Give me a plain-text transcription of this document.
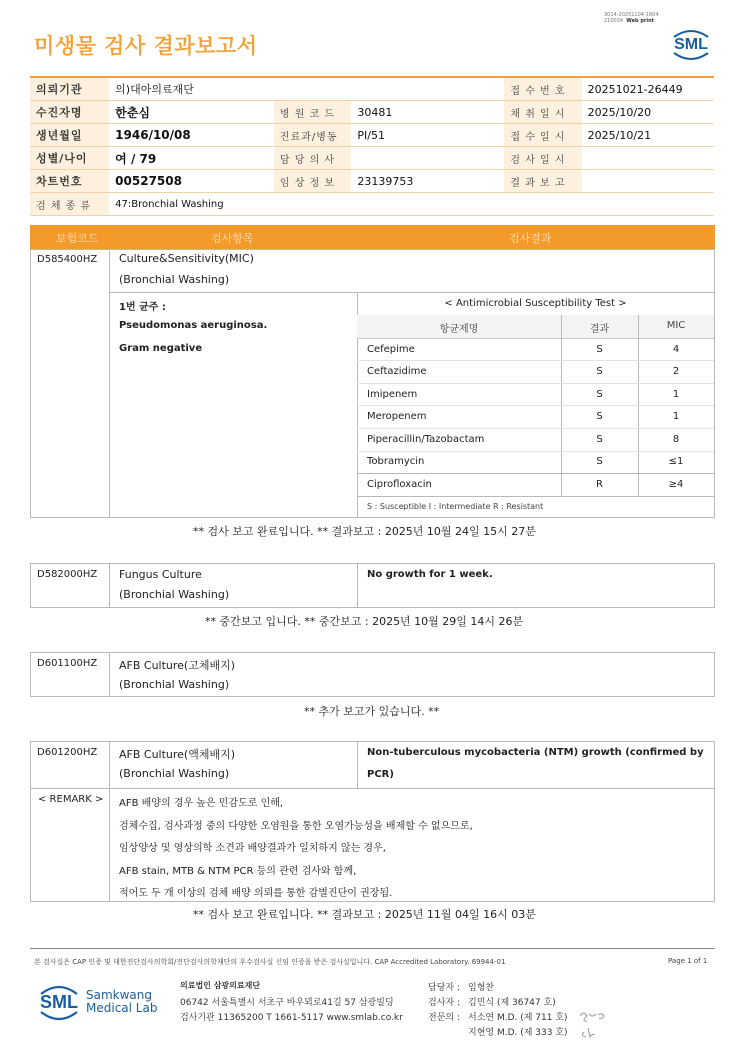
미생물 검사 결과보고서
3014-20251104-1604
210034 Web print
SML
의뢰기관	의)대아의료재단				접 수 번 호	20251021-26449
수진자명	한춘심	병 원 코 드	30481		채 취 일 시	2025/10/20
생년월일	1946/10/08	진료과/병동	PI/51		접 수 일 시	2025/10/21
성별/나이	여 / 79	담 당 의 사			검 사 일 시	
차트번호	00527508	임 상 정 보	23139753		결 과 보 고	
검 체 종 류	47:Bronchial Washing					
보험코드	검사항목	검사결과
D585400HZ Culture&Sensitivity(MIC)
(Bronchial Washing)
1번 균주 :
Pseudomonas aeruginosa.
Gram negative
< Antimicrobial Susceptibility Test >
항균제명	결과	MIC
Cefepime	S	4
Ceftazidime	S	2
Imipenem	S	1
Meropenem	S	1
Piperacillin/Tazobactam	S	8
Tobramycin	S	≤1
Ciprofloxacin	R	≥4
S : Susceptible I : Intermediate R : Resistant
** 검사 보고 완료입니다. ** 결과보고 : 2025년 10월 24일 15시 27분
D582000HZ Fungus Culture
(Bronchial Washing)
No growth for 1 week.
** 중간보고 입니다. ** 중간보고 : 2025년 10월 29일 14시 26분
D601100HZ AFB Culture(고체배지)
(Bronchial Washing)
** 추가 보고가 있습니다. **
D601200HZ AFB Culture(액체배지)
(Bronchial Washing)
Non-tuberculous mycobacteria (NTM) growth (confirmed by
PCR)
< REMARK > AFB 배양의 경우 높은 민감도로 인해,
검체수집, 검사과정 중의 다양한 오염원을 통한 오염가능성을 배제할 수 없으므로,
임상양상 및 영상의학 소견과 배양결과가 일치하지 않는 경우,
AFB stain, MTB & NTM PCR 등의 관련 검사와 함께,
적어도 두 개 이상의 검체 배양 의뢰를 통한 감별진단이 권장됨.
** 검사 보고 완료입니다. ** 결과보고 : 2025년 11월 04일 16시 03분
본 검사실은 CAP 인증 및 대한진단검사의학회/진단검사의학재단의 우수검사실 신임 인증을 받은 검사실입니다. CAP Accredited Laboratory. 69944-01	Page 1 of 1
SML Samkwang
Medical Lab
의료법인 삼광의료재단
06742 서울특별시 서초구 바우뫼로41길 57 삼광빌딩
검사기관 11365200 T 1661-5117 www.smlab.co.kr
담당자 : 임형찬
검사자 : 김민식 (제 36747 호)
전문의 : 서소연 M.D. (제 711 호)
지현영 M.D. (제 333 호)
